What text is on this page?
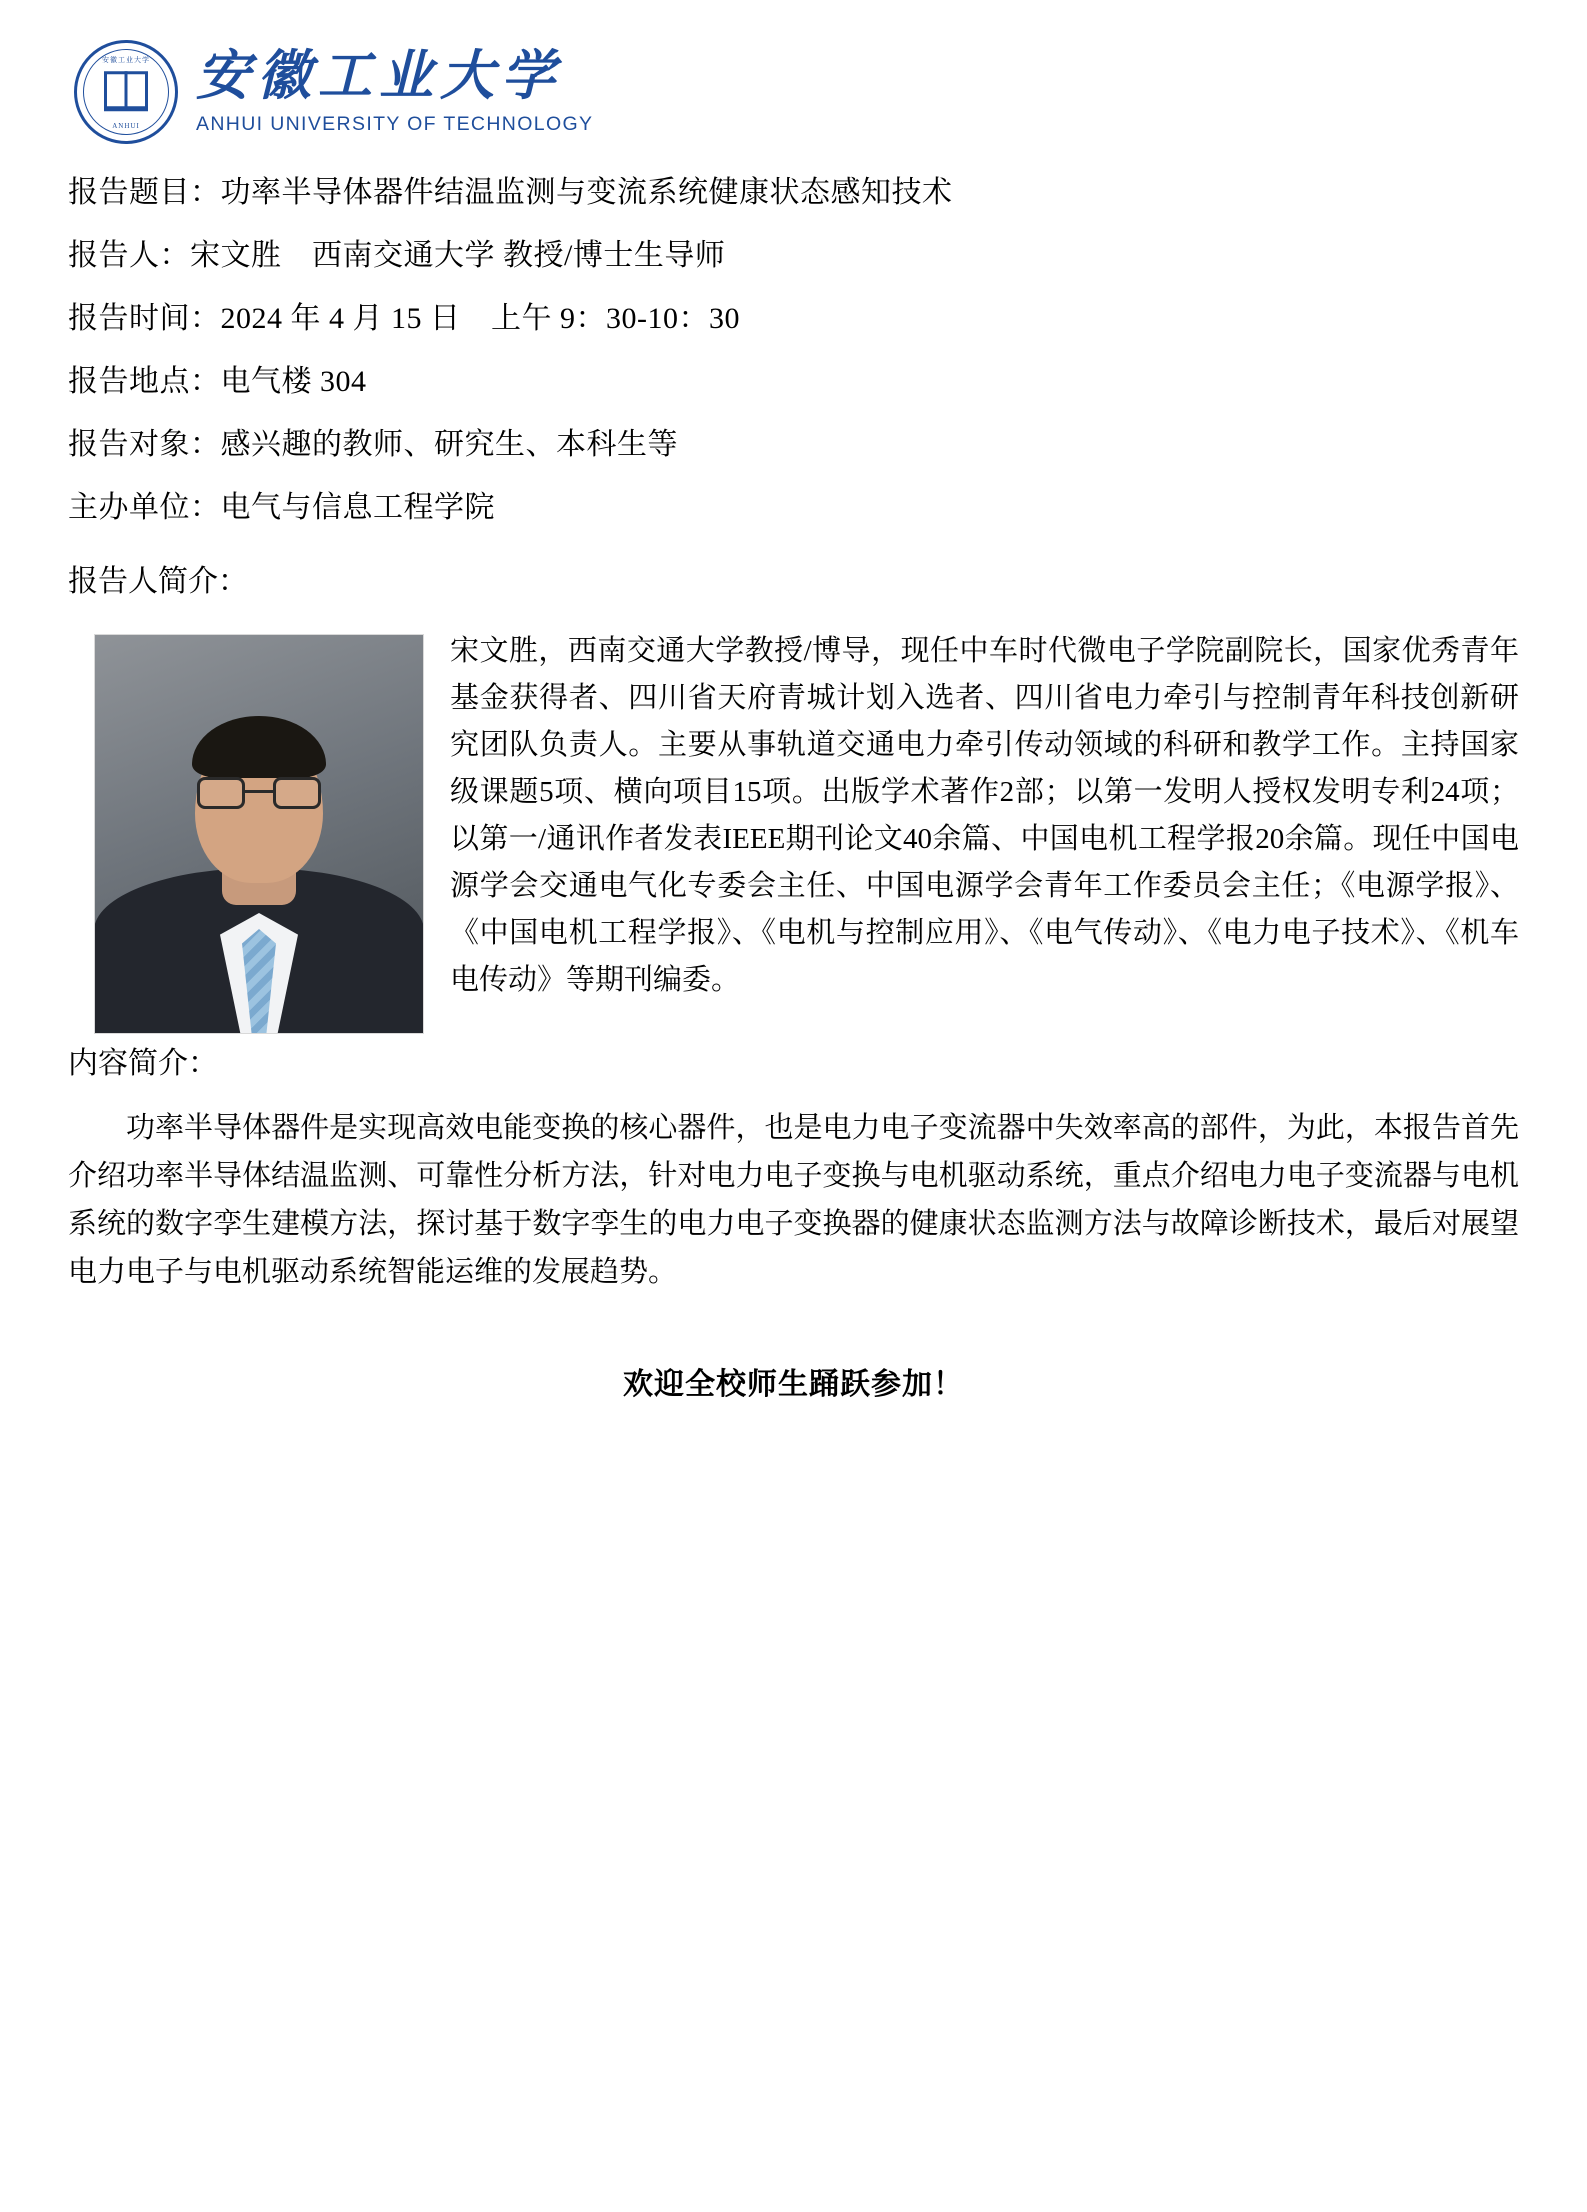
安徽工业大学
ANHUI
安徽工业大学
ANHUI UNIVERSITY OF TECHNOLOGY

报告题目：功率半导体器件结温监测与变流系统健康状态感知技术

报告人：宋文胜　西南交通大学 教授/博士生导师

报告时间：2024 年 4 月 15 日　上午 9：30-10：30

报告地点：电气楼 304

报告对象：感兴趣的教师、研究生、本科生等

主办单位：电气与信息工程学院

报告人简介：

宋文胜，西南交通大学教授/博导，现任中车时代微电子学院副院长，国家优秀青年基金获得者、四川省天府青城计划入选者、四川省电力牵引与控制青年科技创新研究团队负责人。主要从事轨道交通电力牵引传动领域的科研和教学工作。主持国家级课题5项、横向项目15项。出版学术著作2部；以第一发明人授权发明专利24项；以第一/通讯作者发表IEEE期刊论文40余篇、中国电机工程学报20余篇。现任中国电源学会交通电气化专委会主任、中国电源学会青年工作委员会主任；《电源学报》、《中国电机工程学报》、《电机与控制应用》、《电气传动》、《电力电子技术》、《机车电传动》等期刊编委。

内容简介：

功率半导体器件是实现高效电能变换的核心器件，也是电力电子变流器中失效率高的部件，为此，本报告首先介绍功率半导体结温监测、可靠性分析方法，针对电力电子变换与电机驱动系统，重点介绍电力电子变流器与电机系统的数字孪生建模方法，探讨基于数字孪生的电力电子变换器的健康状态监测方法与故障诊断技术，最后对展望电力电子与电机驱动系统智能运维的发展趋势。

欢迎全校师生踊跃参加！
